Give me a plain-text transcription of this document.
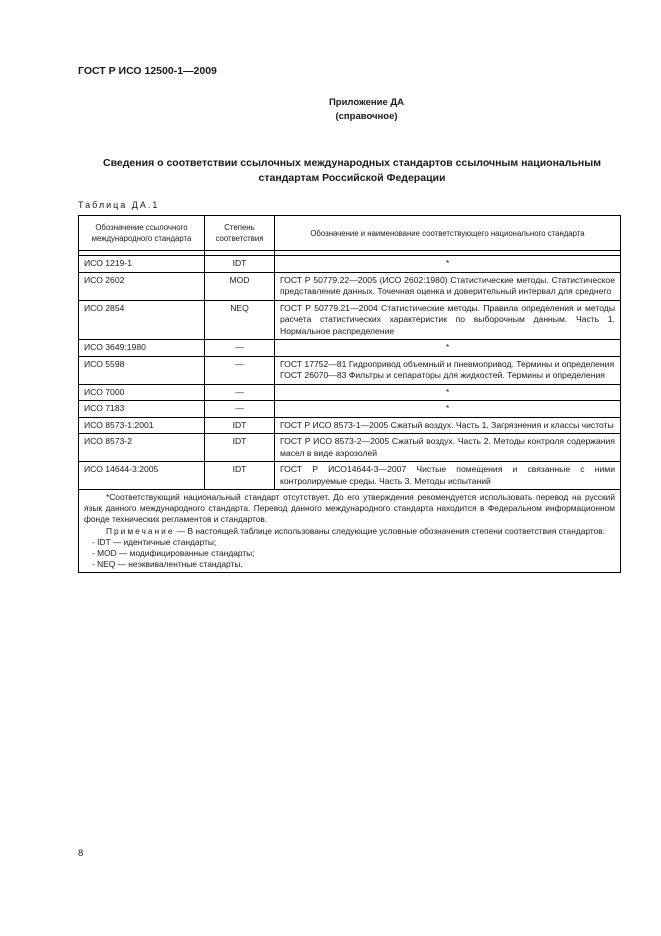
ГОСТ Р ИСО 12500-1—2009
Приложение ДА
(справочное)
Сведения о соответствии ссылочных международных стандартов ссылочным национальным стандартам Российской Федерации
Таблица ДА.1
Обозначение ссылочного международного стандарта	Степень соответствия	Обозначение и наименование соответствующего национального стандарта

ИСО 1219-1	IDT	*
ИСО 2602	MOD	ГОСТ Р 50779.22—2005 (ИСО 2602:1980) Статистические методы. Статистическое представление данных. Точечная оценка и доверительный интервал для среднего
ИСО 2854	NEQ	ГОСТ Р 50779.21—2004 Статистические методы. Правила определения и методы расчета статистических характеристик по выборочным данным. Часть 1. Нормальное распределение
ИСО 3649:1980	—	*
ИСО 5598	—	ГОСТ 17752—81 Гидропривод объемный и пневмопривод. Термины и определения
ГОСТ 26070—83 Фильтры и сепараторы для жидкостей. Термины и определения

ИСО 7000	—	*
ИСО 7183	—	*
ИСО 8573-1:2001	IDT	ГОСТ Р ИСО 8573-1—2005 Сжатый воздух. Часть 1. Загрязнения и классы чистоты
ИСО 8573-2	IDT	ГОСТ Р ИСО 8573-2—2005 Сжатый воздух. Часть 2. Методы контроля содержания масел в виде аэрозолей
ИСО 14644-3:2005	IDT	ГОСТ Р ИСО14644-3—2007 Чистые помещения и связанные с ними контролируемые среды. Часть 3. Методы испытаний

*Соответствующий национальный стандарт отсутствует. До его утверждения рекомендуется использовать перевод на русский язык данного международного стандарта. Перевод данного международного стандарта находится в Федеральном информационном фонде технических регламентов и стандартов.

Примечание — В настоящей таблице использованы следующие условные обозначения степени соответствия стандартов:

- IDT — идентичные стандарты;

- MOD — модифицированные стандарты;

- NEQ — неэквивалентные стандарты.		

8
